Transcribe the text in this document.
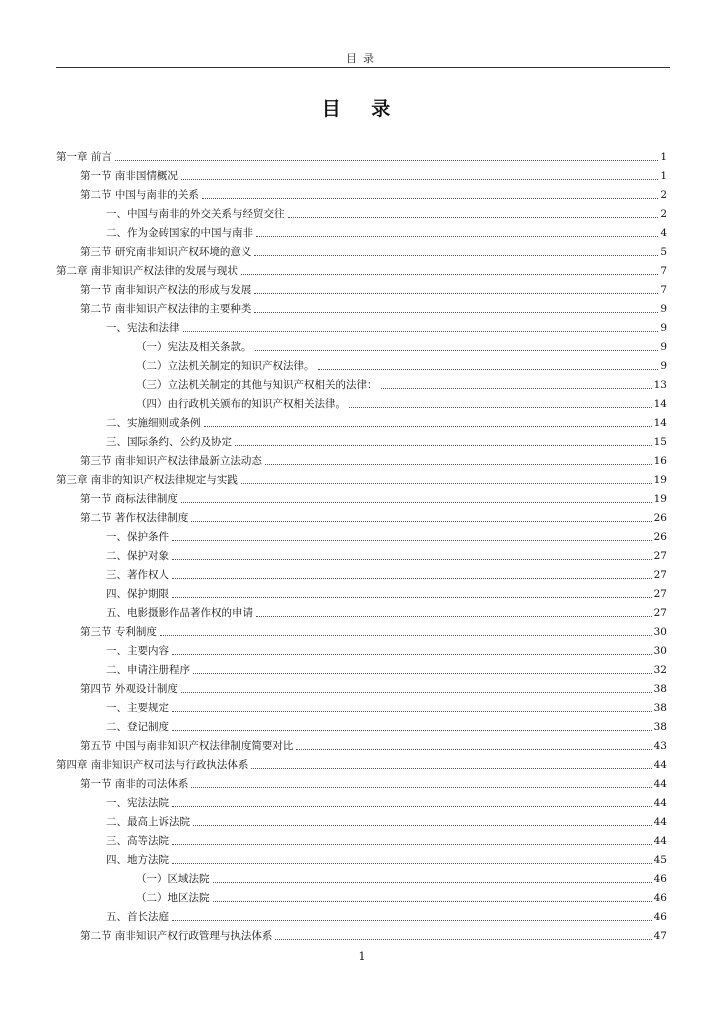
目录
目 录
第一章 前言	1
第一节 南非国情概况	1
第二节 中国与南非的关系	2
一、中国与南非的外交关系与经贸交往	2
二、作为金砖国家的中国与南非	4
第三节 研究南非知识产权环境的意义	5
第二章 南非知识产权法律的发展与现状	7
第一节 南非知识产权法的形成与发展	7
第二节 南非知识产权法律的主要种类	9
一、宪法和法律	9
（一）宪法及相关条款。	9
（二）立法机关制定的知识产权法律。	9
（三）立法机关制定的其他与知识产权相关的法律：	13
（四）由行政机关颁布的知识产权相关法律。	14
二、实施细则或条例	14
三、国际条约、公约及协定	15
第三节 南非知识产权法律最新立法动态	16
第三章 南非的知识产权法律规定与实践	19
第一节 商标法律制度	19
第二节 著作权法律制度	26
一、保护条件	26
二、保护对象	27
三、著作权人	27
四、保护期限	27
五、电影摄影作品著作权的申请	27
第三节 专利制度	30
一、主要内容	30
二、申请注册程序	32
第四节 外观设计制度	38
一、主要规定	38
二、登记制度	38
第五节 中国与南非知识产权法律制度简要对比	43
第四章 南非知识产权司法与行政执法体系	44
第一节 南非的司法体系	44
一、宪法法院	44
二、最高上诉法院	44
三、高等法院	44
四、地方法院	45
（一）区域法院	46
（二）地区法院	46
五、首长法庭	46
第二节 南非知识产权行政管理与执法体系	47
1
